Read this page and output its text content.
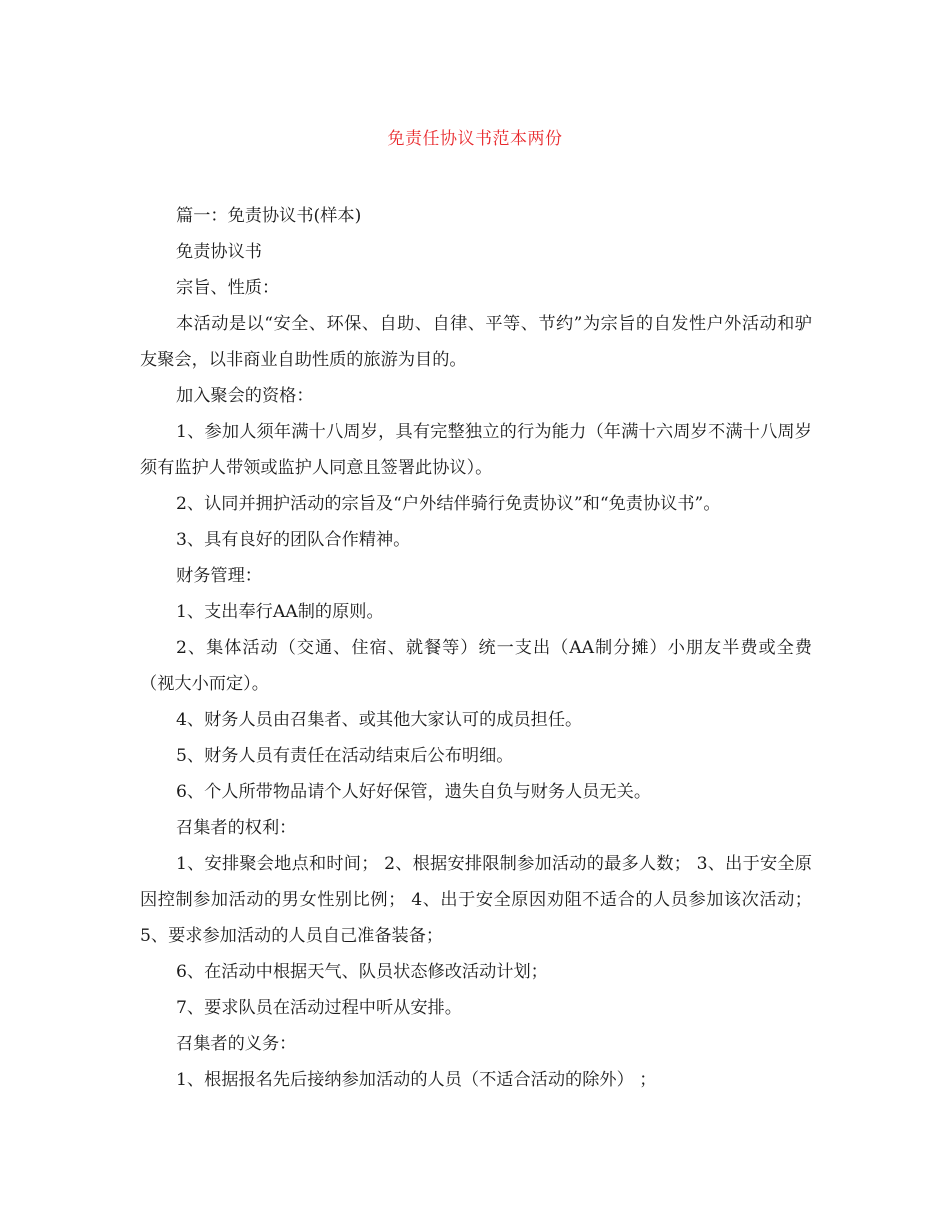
免责任协议书范本两份

篇一：免责协议书(样本)

免责协议书

宗旨、性质：

本活动是以“安全、环保、自助、自律、平等、节约”为宗旨的自发性户外活动和驴友聚会，以非商业自助性质的旅游为目的。

加入聚会的资格：

1、参加人须年满十八周岁，具有完整独立的行为能力（年满十六周岁不满十八周岁须有监护人带领或监护人同意且签署此协议）。

2、认同并拥护活动的宗旨及“户外结伴骑行免责协议”和“免责协议书”。

3、具有良好的团队合作精神。

财务管理：

1、支出奉行AA制的原则。

2、集体活动（交通、住宿、就餐等）统一支出（AA制分摊）小朋友半费或全费（视大小而定）。

4、财务人员由召集者、或其他大家认可的成员担任。

5、财务人员有责任在活动结束后公布明细。

6、个人所带物品请个人好好保管，遗失自负与财务人员无关。

召集者的权利：

1、安排聚会地点和时间； 2、根据安排限制参加活动的最多人数； 3、出于安全原因控制参加活动的男女性别比例； 4、出于安全原因劝阻不适合的人员参加该次活动； 5、要求参加活动的人员自己准备装备；

6、在活动中根据天气、队员状态修改活动计划；

7、要求队员在活动过程中听从安排。

召集者的义务：

1、根据报名先后接纳参加活动的人员（不适合活动的除外） ；
